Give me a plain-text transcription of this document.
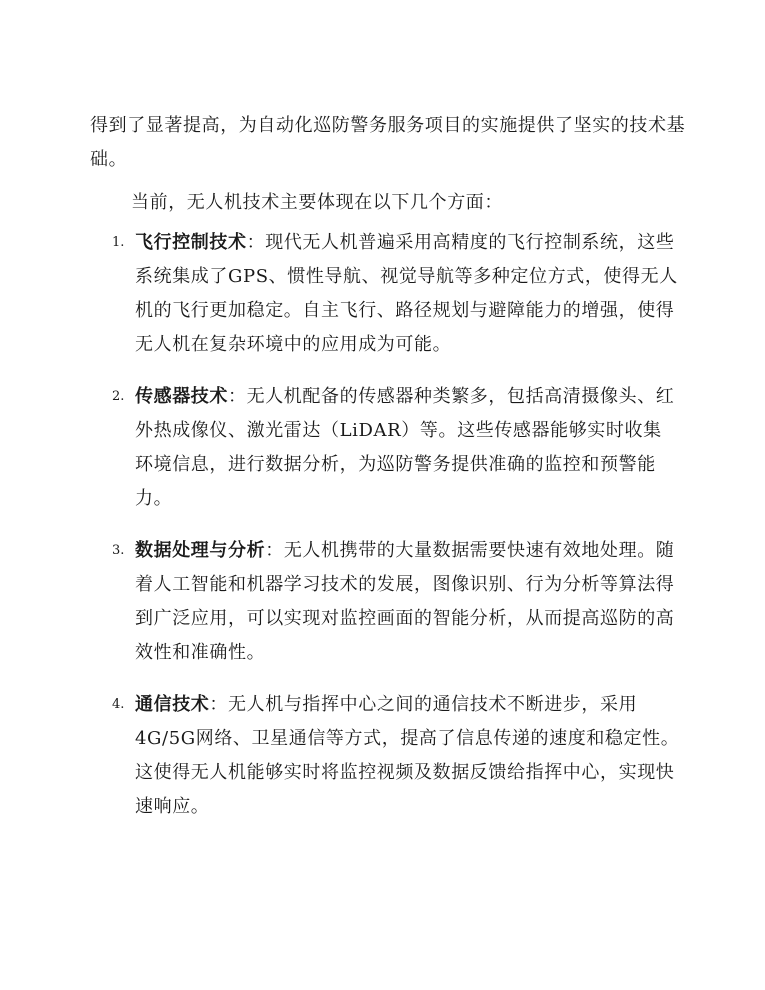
得到了显著提高，为自动化巡防警务服务项目的实施提供了坚实的技术基础。

当前，无人机技术主要体现在以下几个方面：

1. 飞行控制技术：现代无人机普遍采用高精度的飞行控制系统，这些系统集成了GPS、惯性导航、视觉导航等多种定位方式，使得无人机的飞行更加稳定。自主飞行、路径规划与避障能力的增强，使得无人机在复杂环境中的应用成为可能。
2. 传感器技术：无人机配备的传感器种类繁多，包括高清摄像头、红外热成像仪、激光雷达（LiDAR）等。这些传感器能够实时收集环境信息，进行数据分析，为巡防警务提供准确的监控和预警能力。
3. 数据处理与分析：无人机携带的大量数据需要快速有效地处理。随着人工智能和机器学习技术的发展，图像识别、行为分析等算法得到广泛应用，可以实现对监控画面的智能分析，从而提高巡防的高效性和准确性。
4. 通信技术：无人机与指挥中心之间的通信技术不断进步，采用4G/5G网络、卫星通信等方式，提高了信息传递的速度和稳定性。这使得无人机能够实时将监控视频及数据反馈给指挥中心，实现快速响应。
